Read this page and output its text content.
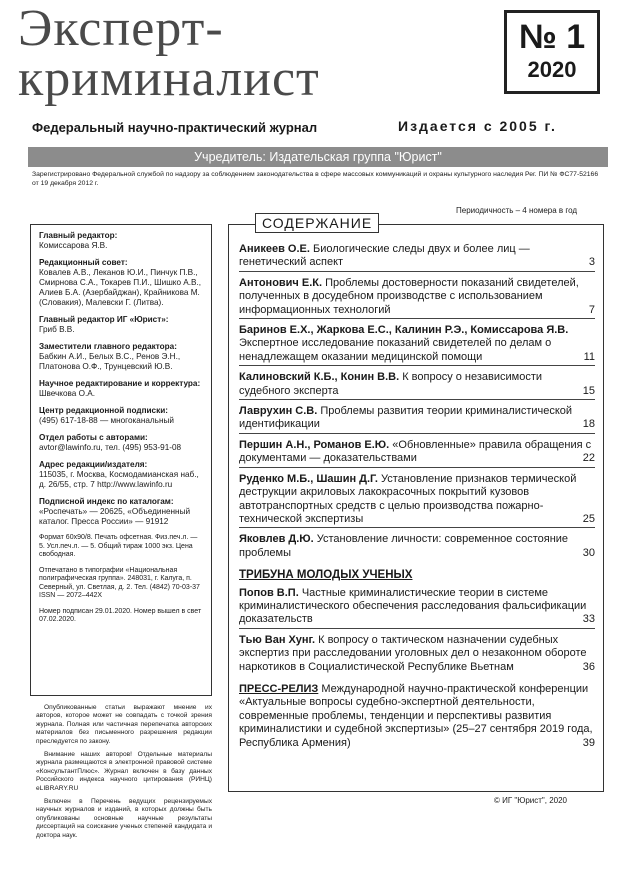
Эксперт-
криминалист
№ 1
2020
Федеральный научно-практический журнал	Издается с 2005 г.
Учредитель: Издательская группа "Юрист"
Зарегистрировано Федеральной службой по надзору за соблюдением законодательства в сфере массовых коммуникаций и охраны культурного наследия Рег. ПИ № ФС77-52166 от 19 декабря 2012 г.
Периодичность – 4 номера в год
Главный редактор:
Комиссарова Я.В.
Редакционный совет:
Ковалев А.В., Леканов Ю.И., Пинчук П.В., Смирнова С.А., Токарев П.И., Шишко А.В., Алиев Б.А. (Азербайджан), Крайникова М. (Словакия), Малевски Г. (Литва).
Главный редактор ИГ «Юрист»:
Гриб В.В.
Заместители главного редактора:
Бабкин А.И., Белых В.С., Ренов Э.Н., Платонова О.Ф., Трунцевский Ю.В.
Научное редактирование и корректура:
Швечкова О.А.
Центр редакционной подписки:
(495) 617-18-88 — многоканальный
Отдел работы с авторами:
avtor@lawinfo.ru, тел. (495) 953-91-08
Адрес редакции/издателя:
115035, г. Москва, Космодамианская наб., д. 26/55, стр. 7 http://www.lawinfo.ru
Подписной индекс по каталогам:
«Роспечать» — 20625, «Объединенный каталог. Пресса России» — 91912
Формат 60х90/8. Печать офсетная. Физ.печ.л. — 5. Усл.печ.л. — 5. Общий тираж 1000 экз. Цена свободная.
Отпечатано в типографии «Национальная полиграфическая группа». 248031, г. Калуга, п. Северный, ул. Светлая, д. 2. Тел. (4842) 70-03-37 ISSN — 2072–442X
Номер подписан 29.01.2020. Номер вышел в свет 07.02.2020.

Опубликованные статьи выражают мнение их авторов, которое может не совпадать с точкой зрения журнала. Полная или частичная перепечатка авторских материалов без письменного разрешения редакции преследуется по закону.

Внимание наших авторов! Отдельные материалы журнала размещаются в электронной правовой системе «КонсультантПлюс». Журнал включен в базу данных Российского индекса научного цитирования (РИНЦ) eLIBRARY.RU

Включен в Перечень ведущих рецензируемых научных журналов и изданий, в которых должны быть опубликованы основные научные результаты диссертаций на соискание ученых степеней кандидата и доктора наук.

СОДЕРЖАНИЕ
Аникеев О.Е. Биологические следы двух и более лиц — генетический аспект	3
Антонович Е.К. Проблемы достоверности показаний свидетелей, полученных в досудебном производстве с использованием информационных технологий	7
Баринов Е.Х., Жаркова Е.С., Калинин Р.Э., Комиссарова Я.В. Экспертное исследование показаний свидетелей по делам о ненадлежащем оказании медицинской помощи	11
Калиновский К.Б., Конин В.В. К вопросу о независимости судебного эксперта	15
Лаврухин С.В. Проблемы развития теории криминалистической идентификации	18
Першин А.Н., Романов Е.Ю. «Обновленные» правила обращения с документами — доказательствами	22
Руденко М.Б., Шашин Д.Г. Установление признаков термической деструкции акриловых лакокрасочных покрытий кузовов автотранспортных средств с целью производства пожарно-технической экспертизы	25
Яковлев Д.Ю. Установление личности: современное состояние проблемы	30
ТРИБУНА МОЛОДЫХ УЧЕНЫХ
Попов В.П. Частные криминалистические теории в системе криминалистического обеспечения расследования фальсификации доказательств	33
Тью Ван Хунг. К вопросу о тактическом назначении судебных экспертиз при расследовании уголовных дел о незаконном обороте наркотиков в Социалистической Республике Вьетнам	36
ПРЕСС-РЕЛИЗ Международной научно-практической конференции «Актуальные вопросы судебно-экспертной деятельности, современные проблемы, тенденции и перспективы развития криминалистики и судебной экспертизы» (25–27 сентября 2019 года, Республика Армения)	39
© ИГ "Юрист", 2020
